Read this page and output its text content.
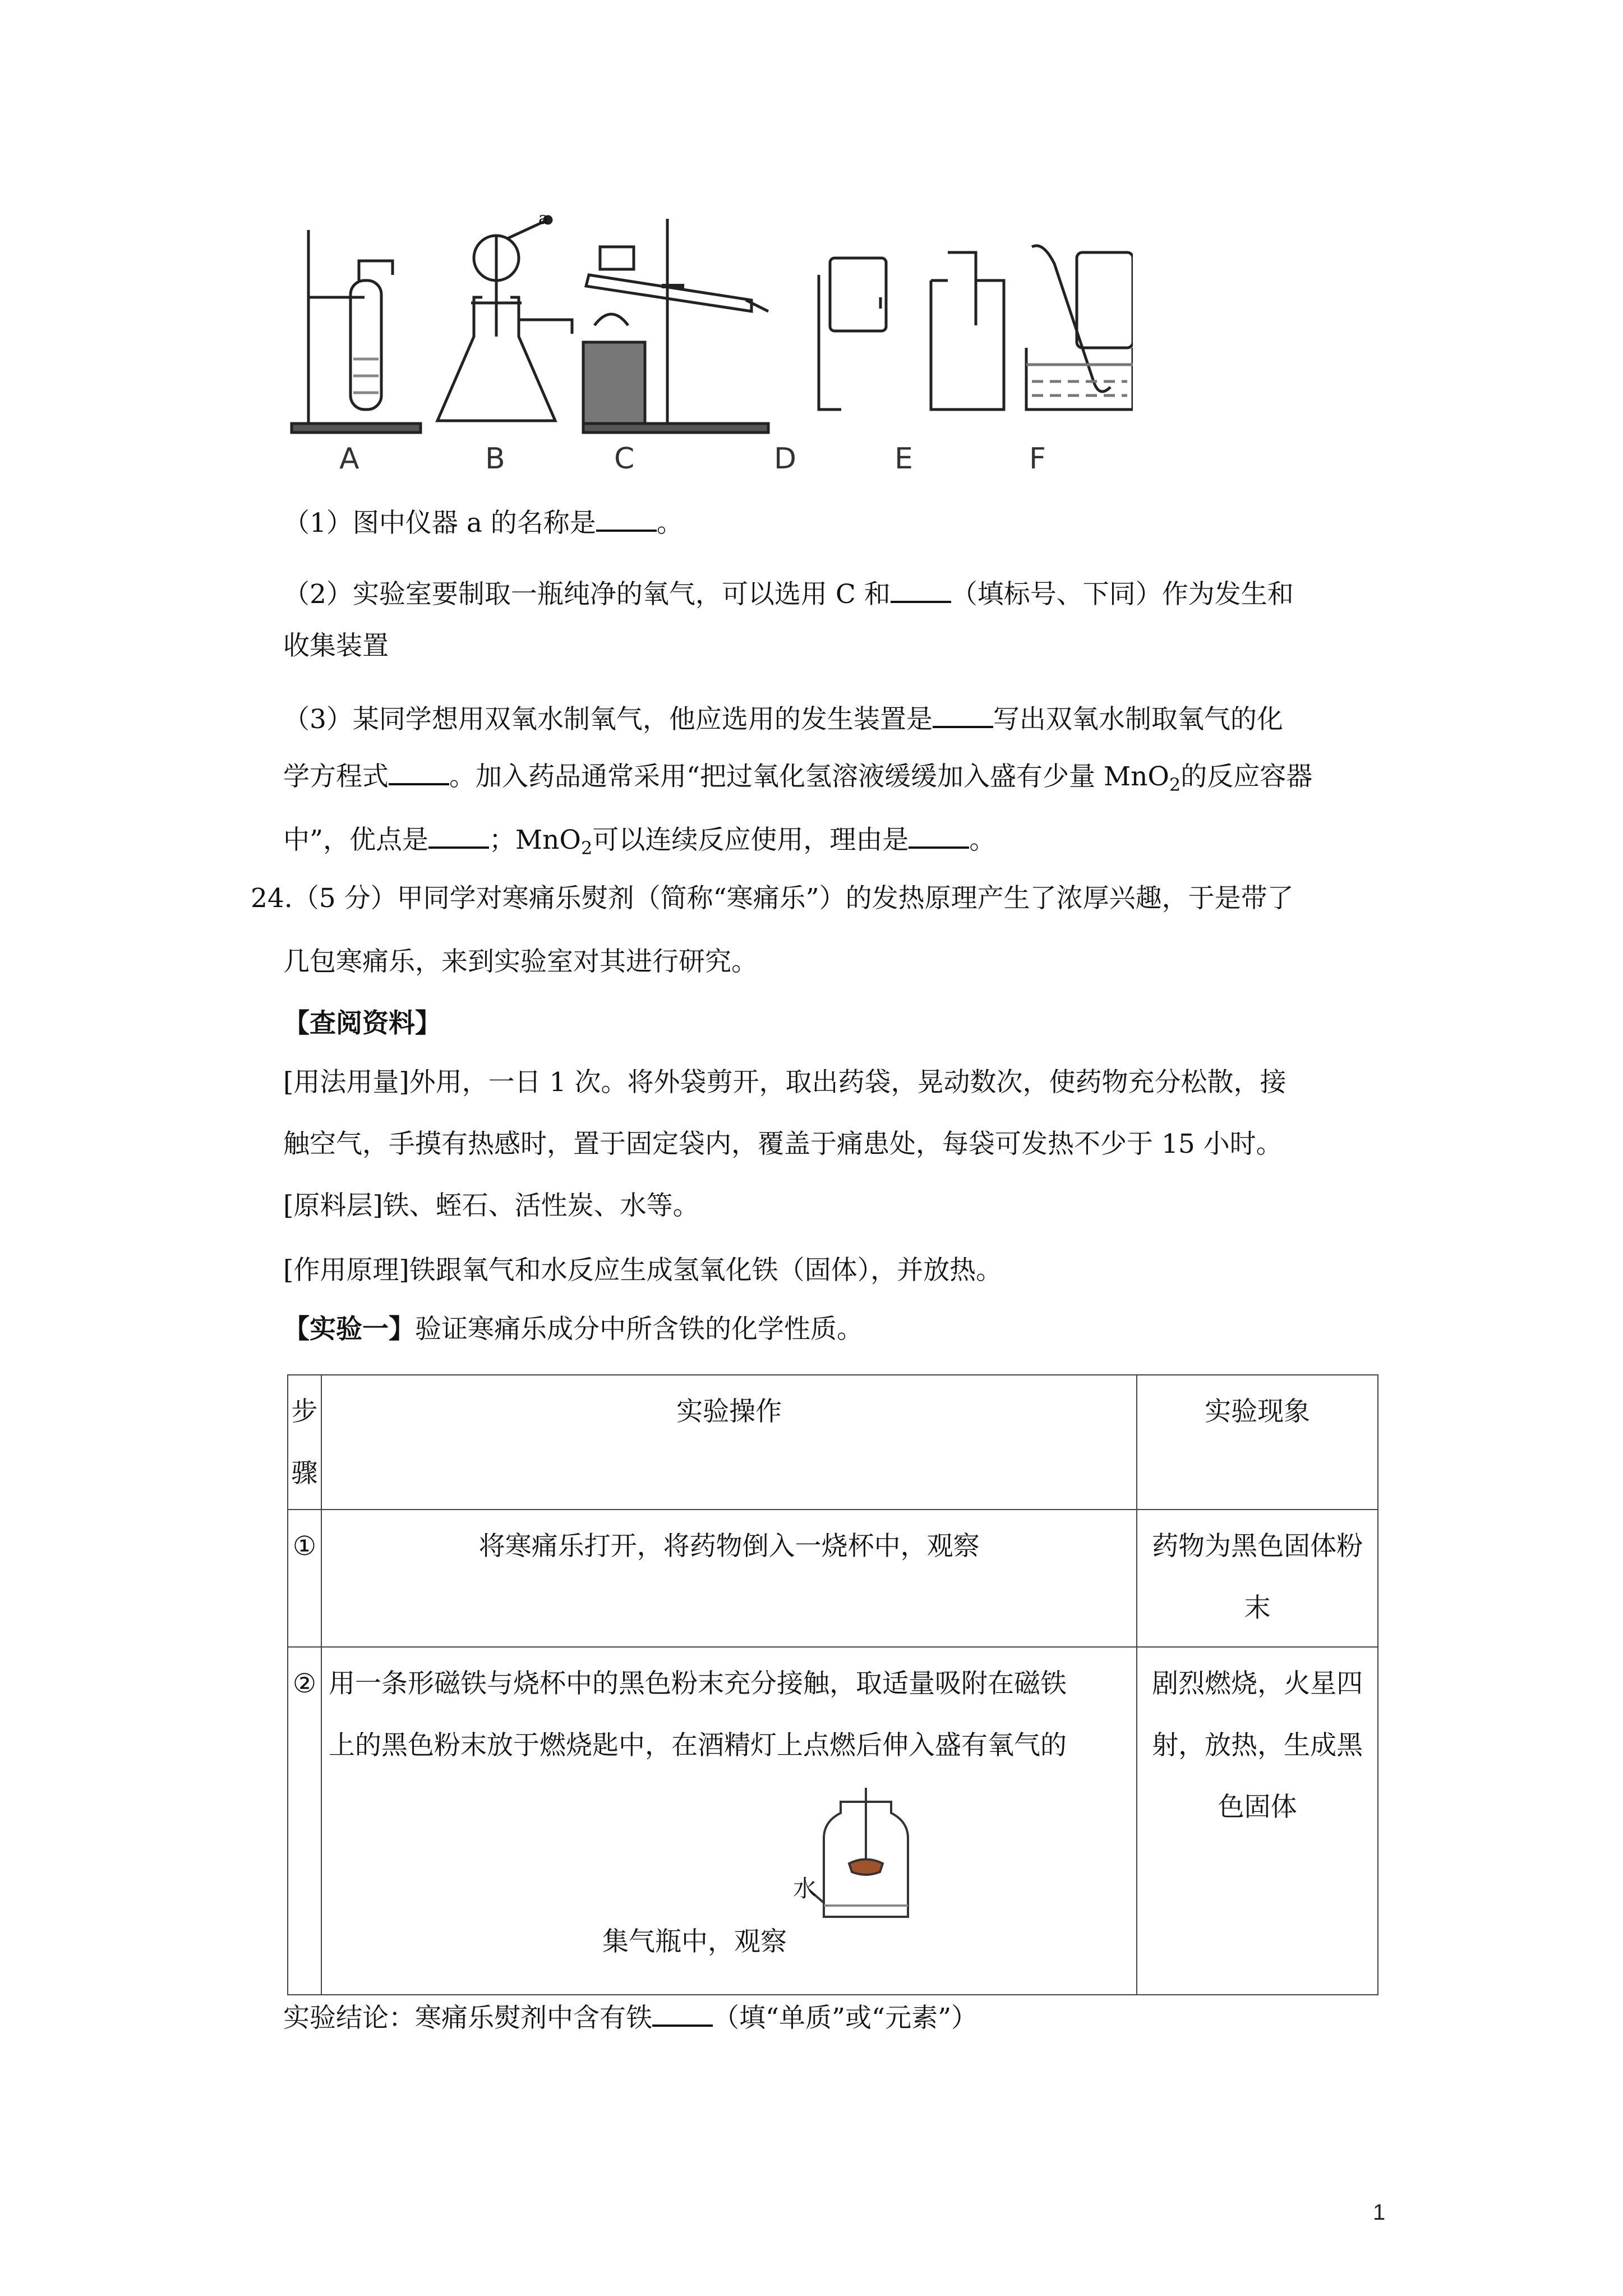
a
A	B	C	D	E	F
（1）图中仪器 a 的名称是 。
（2）实验室要制取一瓶纯净的氧气，可以选用 C 和 （填标号、下同）作为发生和
收集装置
（3）某同学想用双氧水制氧气，他应选用的发生装置是 写出双氧水制取氧气的化
学方程式 。加入药品通常采用“把过氧化氢溶液缓缓加入盛有少量 MnO$_2$的反应容器
中”，优点是 ；MnO$_2$可以连续反应使用，理由是 。
24.（5 分）甲同学对寒痛乐熨剂（简称“寒痛乐”）的发热原理产生了浓厚兴趣，于是带了
几包寒痛乐，来到实验室对其进行研究。
【查阅资料】
[用法用量]外用，一日 1 次。将外袋剪开，取出药袋，晃动数次，使药物充分松散，接
触空气，手摸有热感时，置于固定袋内，覆盖于痛患处，每袋可发热不少于 15 小时。
[原料层]铁、蛭石、活性炭、水等。
[作用原理]铁跟氧气和水反应生成氢氧化铁（固体），并放热。
【实验一】验证寒痛乐成分中所含铁的化学性质。
步骤	实验操作	实验现象
①	将寒痛乐打开，将药物倒入一烧杯中，观察	药物为黑色固体粉末
②	用一条形磁铁与烧杯中的黑色粉末充分接触，取适量吸附在磁铁
上的黑色粉末放于燃烧匙中，在酒精灯上点燃后伸入盛有氧气的
水
集气瓶中，观察	剧烈燃烧，火星四射，放热，生成黑色固体
实验结论：寒痛乐熨剂中含有铁 （填“单质”或“元素”）
1
